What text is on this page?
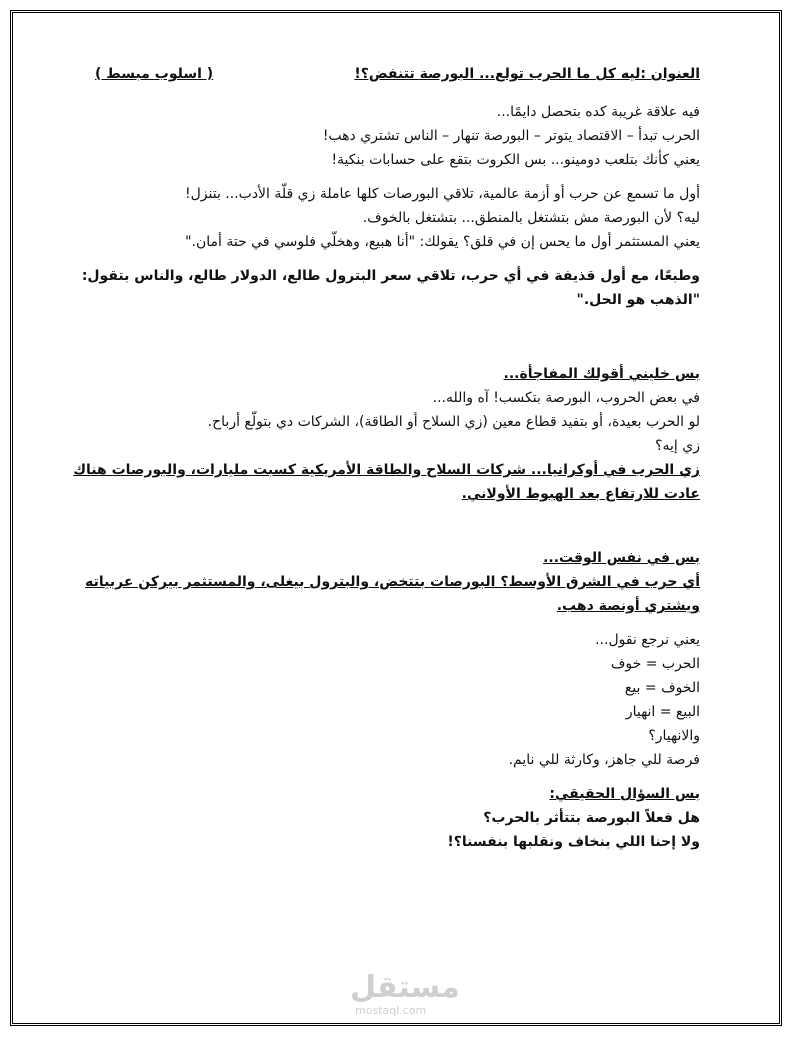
العنوان :ليه كل ما الحرب تولع... البورصة تتنفض؟!
( اسلوب مبسط )

فيه علاقة غريبة كده بتحصل دايمًا...

الحرب تبدأ – الاقتصاد يتوتر – البورصة تنهار – الناس تشتري دهب!

يعني كأنك بتلعب دومينو... بس الكروت بتقع على حسابات بنكية!

أول ما تسمع عن حرب أو أزمة عالمية، تلاقي البورصات كلها عاملة زي قلّة الأدب... بتنزل!

ليه؟ لأن البورصة مش بتشتغل بالمنطق... بتشتغل بالخوف.

يعني المستثمر أول ما يحس إن في قلق؟ يقولك: "أنا هبيع، وهخلّي فلوسي في حتة أمان."

وطبعًا، مع أول قذيفة في أي حرب، تلاقي سعر البترول طالع، الدولار طالع، والناس بتقول:

"الذهب هو الحل."

بس خليني أقولك المفاجأة...

في بعض الحروب، البورصة بتكسب! آه والله...

لو الحرب بعيدة، أو بتفيد قطاع معين (زي السلاح أو الطاقة)، الشركات دي بتولّع أرباح.

زي إيه؟

زي الحرب في أوكرانيا... شركات السلاح والطاقة الأمريكية كسبت مليارات، والبورصات هناك

عادت للارتفاع بعد الهبوط الأولاني.

بس في نفس الوقت...

أي حرب في الشرق الأوسط؟ البورصات بتتخض، والبترول بيغلى، والمستثمر بيركن عربياته

ويشتري أونصة دهب.

يعني نرجع نقول...

الحرب = خوف

الخوف = بيع

البيع = انهيار

والانهيار؟

فرصة للي جاهز، وكارثة للي نايم.

بس السؤال الحقيقي:

هل فعلاً البورصة بتتأثر بالحرب؟

ولا إحنا اللي بنخاف ونقلبها بنفسنا؟!

مستقل
mostaql.com
